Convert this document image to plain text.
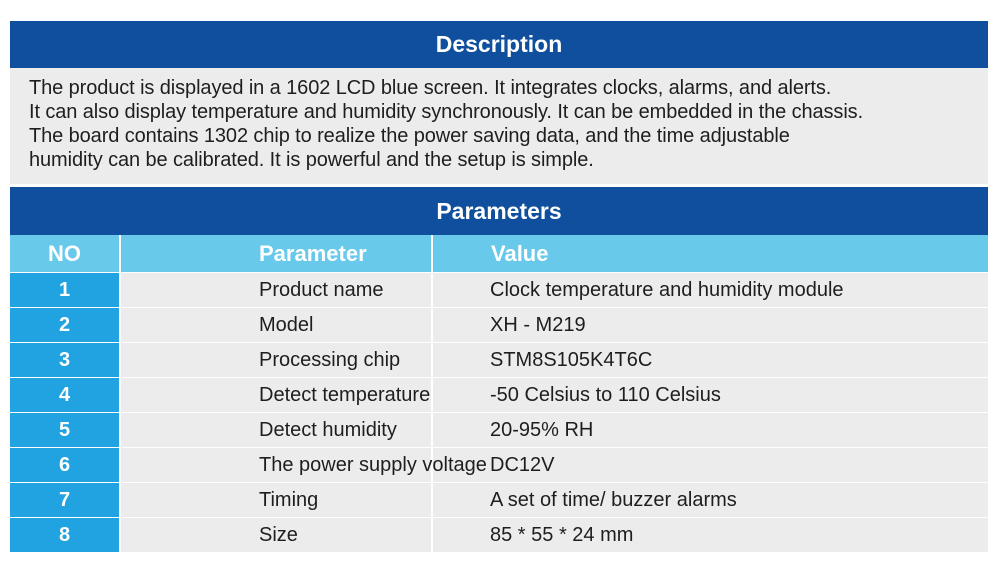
Description
The product is displayed in a 1602 LCD blue screen. It integrates clocks, alarms, and alerts.
It can also display temperature and humidity synchronously. It can be embedded in the chassis.
The board contains 1302 chip to realize the power saving data, and the time adjustable
humidity can be calibrated. It is powerful and the setup is simple.
Parameters
NO	Parameter	Value
1	Product name	Clock temperature and humidity module
2	Model	XH - M219
3	Processing chip	STM8S105K4T6C
4	Detect temperature	-50 Celsius to 110 Celsius
5	Detect humidity	20-95% RH
6	The power supply voltage	DC12V
7	Timing	A set of time/ buzzer alarms
8	Size	85 * 55 * 24 mm
